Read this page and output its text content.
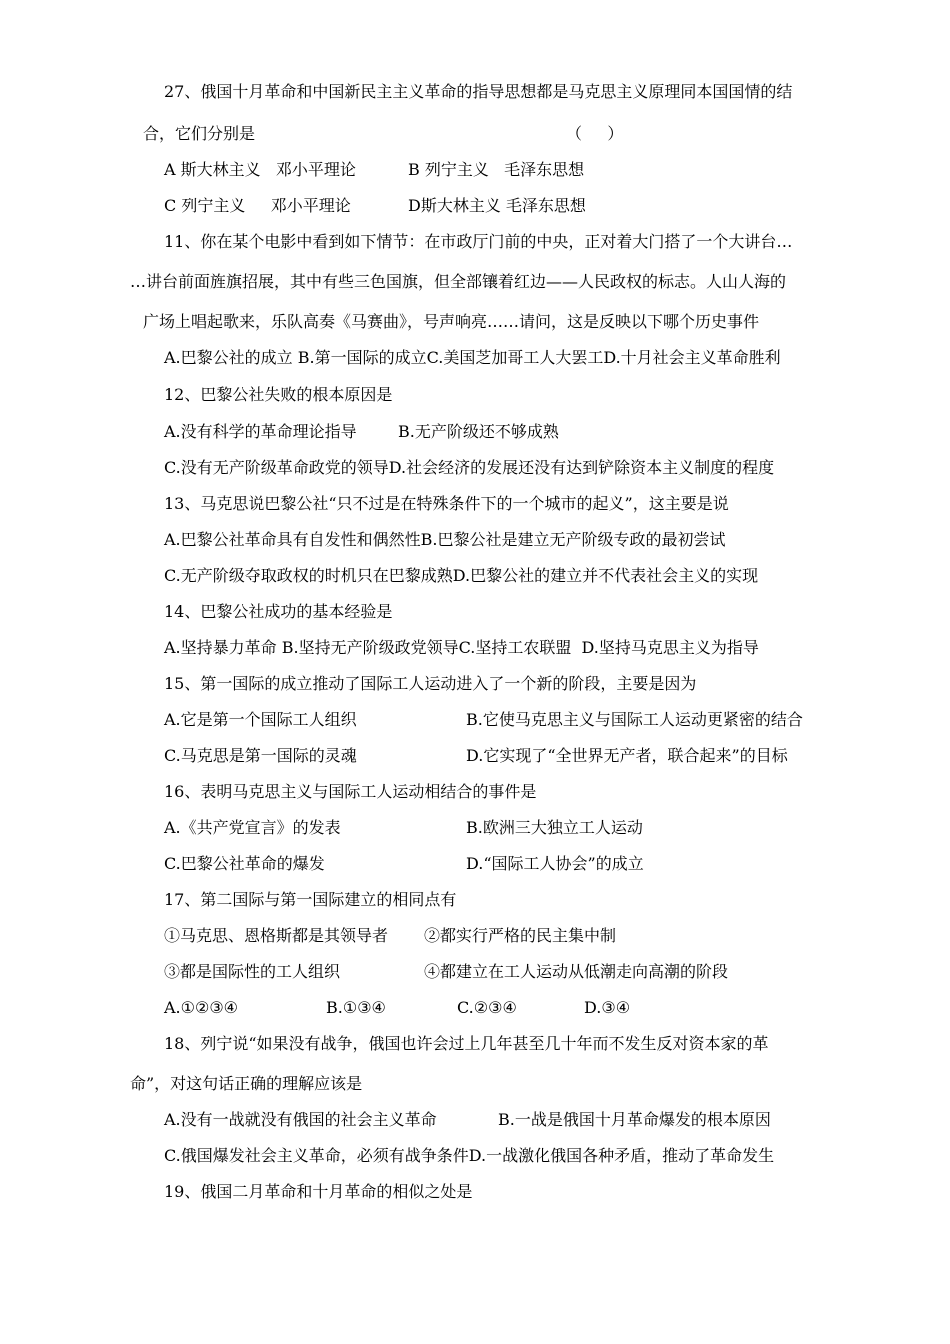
27、俄国十月革命和中国新民主主义革命的指导思想都是马克思主义原理同本国国情的结
合，它们分别是	（     ）
A 斯大林主义   邓小平理论	B 列宁主义   毛泽东思想
C 列宁主义     邓小平理论	D斯大林主义 毛泽东思想
11、你在某个电影中看到如下情节：在市政厅门前的中央，正对着大门搭了一个大讲台…
…讲台前面旌旗招展，其中有些三色国旗，但全部镶着红边——人民政权的标志。人山人海的
广场上唱起歌来，乐队高奏《马赛曲》，号声响亮……请问，这是反映以下哪个历史事件
A.巴黎公社的成立 B.第一国际的成立C.美国芝加哥工人大罢工D.十月社会主义革命胜利
12、巴黎公社失败的根本原因是
A.没有科学的革命理论指导	B.无产阶级还不够成熟
C.没有无产阶级革命政党的领导D.社会经济的发展还没有达到铲除资本主义制度的程度
13、马克思说巴黎公社“只不过是在特殊条件下的一个城市的起义”，这主要是说
A.巴黎公社革命具有自发性和偶然性B.巴黎公社是建立无产阶级专政的最初尝试
C.无产阶级夺取政权的时机只在巴黎成熟D.巴黎公社的建立并不代表社会主义的实现
14、巴黎公社成功的基本经验是
A.坚持暴力革命 B.坚持无产阶级政党领导C.坚持工农联盟  D.坚持马克思主义为指导
15、第一国际的成立推动了国际工人运动进入了一个新的阶段，主要是因为
A.它是第一个国际工人组织	B.它使马克思主义与国际工人运动更紧密的结合
C.马克思是第一国际的灵魂	D.它实现了“全世界无产者，联合起来”的目标
16、表明马克思主义与国际工人运动相结合的事件是
A.《共产党宣言》的发表	B.欧洲三大独立工人运动
C.巴黎公社革命的爆发	D.“国际工人协会”的成立
17、第二国际与第一国际建立的相同点有
①马克思、恩格斯都是其领导者 ②都实行严格的民主集中制
③都是国际性的工人组织	④都建立在工人运动从低潮走向高潮的阶段
A.①②③④	B.①③④	C.②③④	D.③④
18、列宁说“如果没有战争，俄国也许会过上几年甚至几十年而不发生反对资本家的革
命”，对这句话正确的理解应该是
A.没有一战就没有俄国的社会主义革命	B.一战是俄国十月革命爆发的根本原因
C.俄国爆发社会主义革命，必须有战争条件D.一战激化俄国各种矛盾，推动了革命发生
19、俄国二月革命和十月革命的相似之处是
